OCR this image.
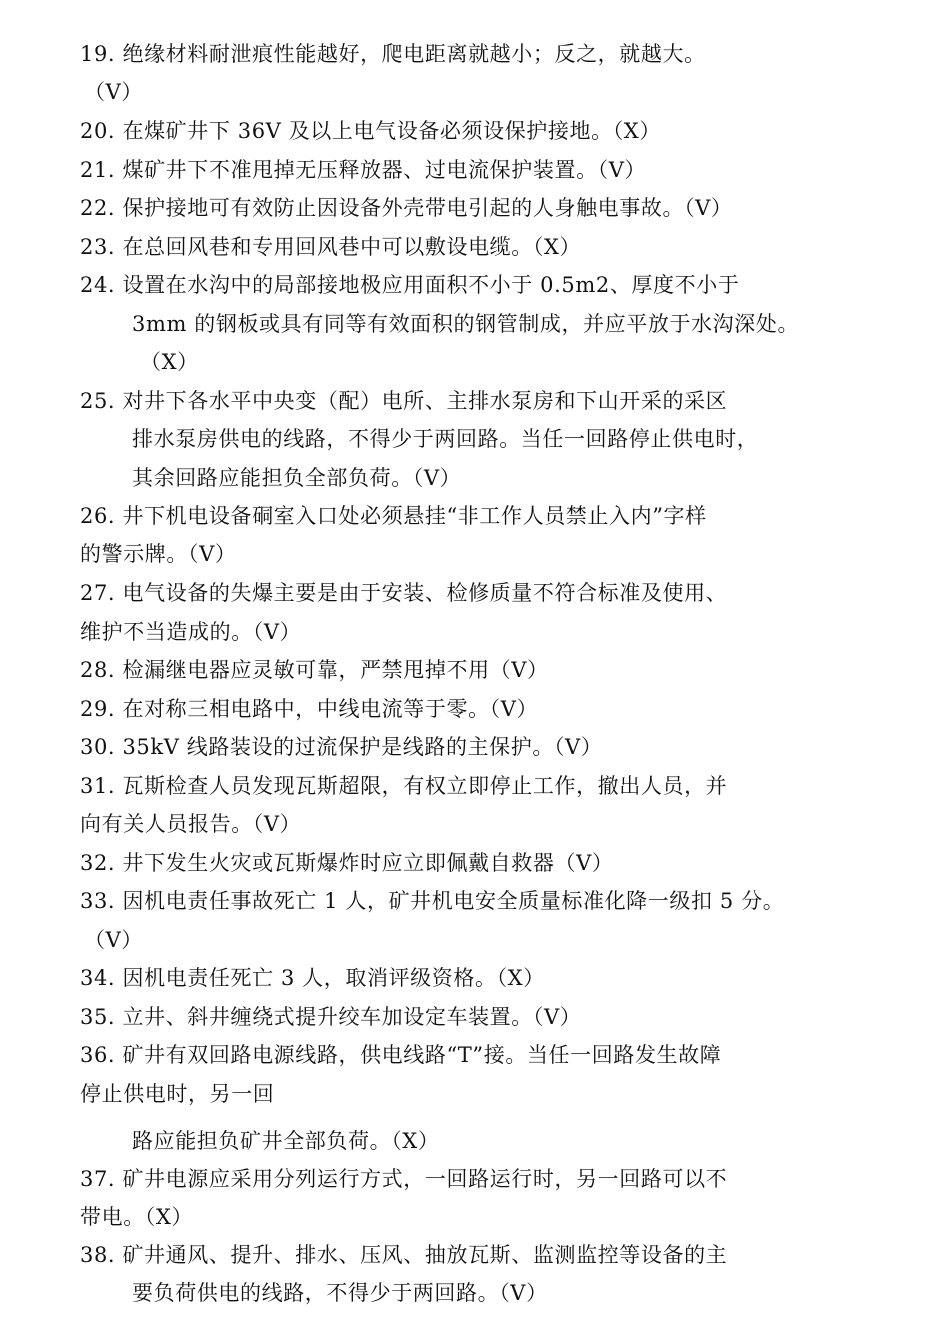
19. 绝缘材料耐泄痕性能越好，爬电距离就越小；反之，就越大。
（V）
20. 在煤矿井下 36V 及以上电气设备必须设保护接地。（X）
21. 煤矿井下不准甩掉无压释放器、过电流保护装置。（V）
22. 保护接地可有效防止因设备外壳带电引起的人身触电事故。（V）
23. 在总回风巷和专用回风巷中可以敷设电缆。（X）
24. 设置在水沟中的局部接地极应用面积不小于 0.5m2、厚度不小于
3mm 的钢板或具有同等有效面积的钢管制成，并应平放于水沟深处。
（X）
25. 对井下各水平中央变（配）电所、主排水泵房和下山开采的采区
排水泵房供电的线路，不得少于两回路。当任一回路停止供电时，
其余回路应能担负全部负荷。（V）
26. 井下机电设备硐室入口处必须悬挂“非工作人员禁止入内”字样
的警示牌。（V）
27. 电气设备的失爆主要是由于安装、检修质量不符合标准及使用、
维护不当造成的。（V）
28. 检漏继电器应灵敏可靠，严禁甩掉不用（V）
29. 在对称三相电路中，中线电流等于零。（V）
30. 35kV 线路装设的过流保护是线路的主保护。（V）
31. 瓦斯检查人员发现瓦斯超限，有权立即停止工作，撤出人员，并
向有关人员报告。（V）
32. 井下发生火灾或瓦斯爆炸时应立即佩戴自救器（V）
33. 因机电责任事故死亡 1 人，矿井机电安全质量标准化降一级扣 5 分。
（V）
34. 因机电责任死亡 3 人，取消评级资格。（X）
35. 立井、斜井缠绕式提升绞车加设定车装置。（V）
36. 矿井有双回路电源线路，供电线路“T”接。当任一回路发生故障
停止供电时，另一回
路应能担负矿井全部负荷。（X）
37. 矿井电源应采用分列运行方式，一回路运行时，另一回路可以不
带电。（X）
38. 矿井通风、提升、排水、压风、抽放瓦斯、监测监控等设备的主
要负荷供电的线路，不得少于两回路。（V）
